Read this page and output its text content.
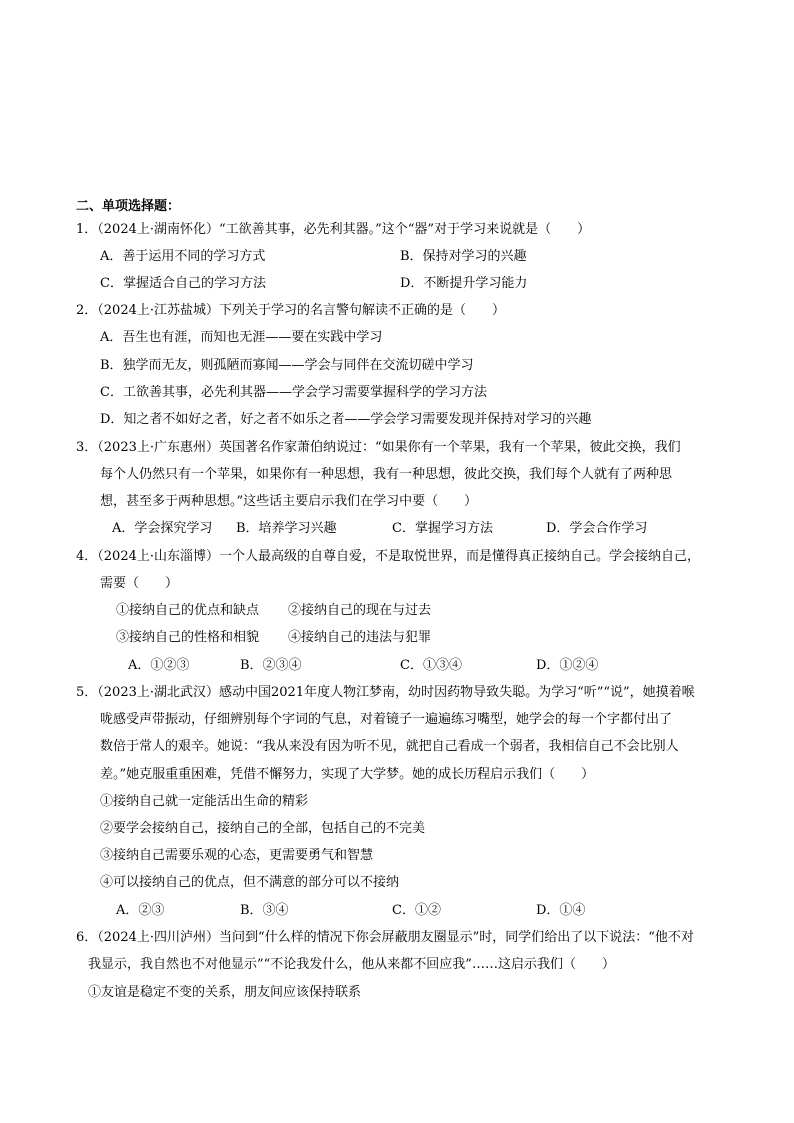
二、单项选择题：
1．（2024上·湖南怀化）“工欲善其事，必先利其器。”这个“器”对于学习来说就是（　　）
A．善于运用不同的学习方式	B．保持对学习的兴趣
C．掌握适合自己的学习方法	D．不断提升学习能力
2．（2024上·江苏盐城）下列关于学习的名言警句解读不正确的是（　　）
A．吾生也有涯，而知也无涯——要在实践中学习
B．独学而无友，则孤陋而寡闻——学会与同伴在交流切磋中学习
C．工欲善其事，必先利其器——学会学习需要掌握科学的学习方法
D．知之者不如好之者，好之者不如乐之者——学会学习需要发现并保持对学习的兴趣
3．（2023上·广东惠州）英国著名作家萧伯纳说过：“如果你有一个苹果，我有一个苹果，彼此交换，我们
每个人仍然只有一个苹果，如果你有一种思想，我有一种思想，彼此交换，我们每个人就有了两种思
想，甚至多于两种思想。”这些话主要启示我们在学习中要（　　）
A．学会探究学习 B．培养学习兴趣	C．掌握学习方法	D．学会合作学习
4．（2024上·山东淄博）一个人最高级的自尊自爱，不是取悦世界，而是懂得真正接纳自己。学会接纳自己，
需要（　　）
①接纳自己的优点和缺点 ②接纳自己的现在与过去
③接纳自己的性格和相貌 ④接纳自己的违法与犯罪
A．①②③	B．②③④	C．①③④	D．①②④
5．（2023上·湖北武汉）感动中国2021年度人物江梦南，幼时因药物导致失聪。为学习“听”“说”，她摸着喉
咙感受声带振动，仔细辨别每个字词的气息，对着镜子一遍遍练习嘴型，她学会的每一个字都付出了
数倍于常人的艰辛。她说：“我从来没有因为听不见，就把自己看成一个弱者，我相信自己不会比别人
差。”她克服重重困难，凭借不懈努力，实现了大学梦。她的成长历程启示我们（　　）
①接纳自己就一定能活出生命的精彩
②要学会接纳自己，接纳自己的全部，包括自己的不完美
③接纳自己需要乐观的心态，更需要勇气和智慧
④可以接纳自己的优点，但不满意的部分可以不接纳
A．②③	B．③④	C．①②	D．①④
6．（2024上·四川泸州）当问到“什么样的情况下你会屏蔽朋友圈显示”时，同学们给出了以下说法：“他不对
我显示，我自然也不对他显示”“不论我发什么，他从来都不回应我”……这启示我们（　　）
①友谊是稳定不变的关系，朋友间应该保持联系
